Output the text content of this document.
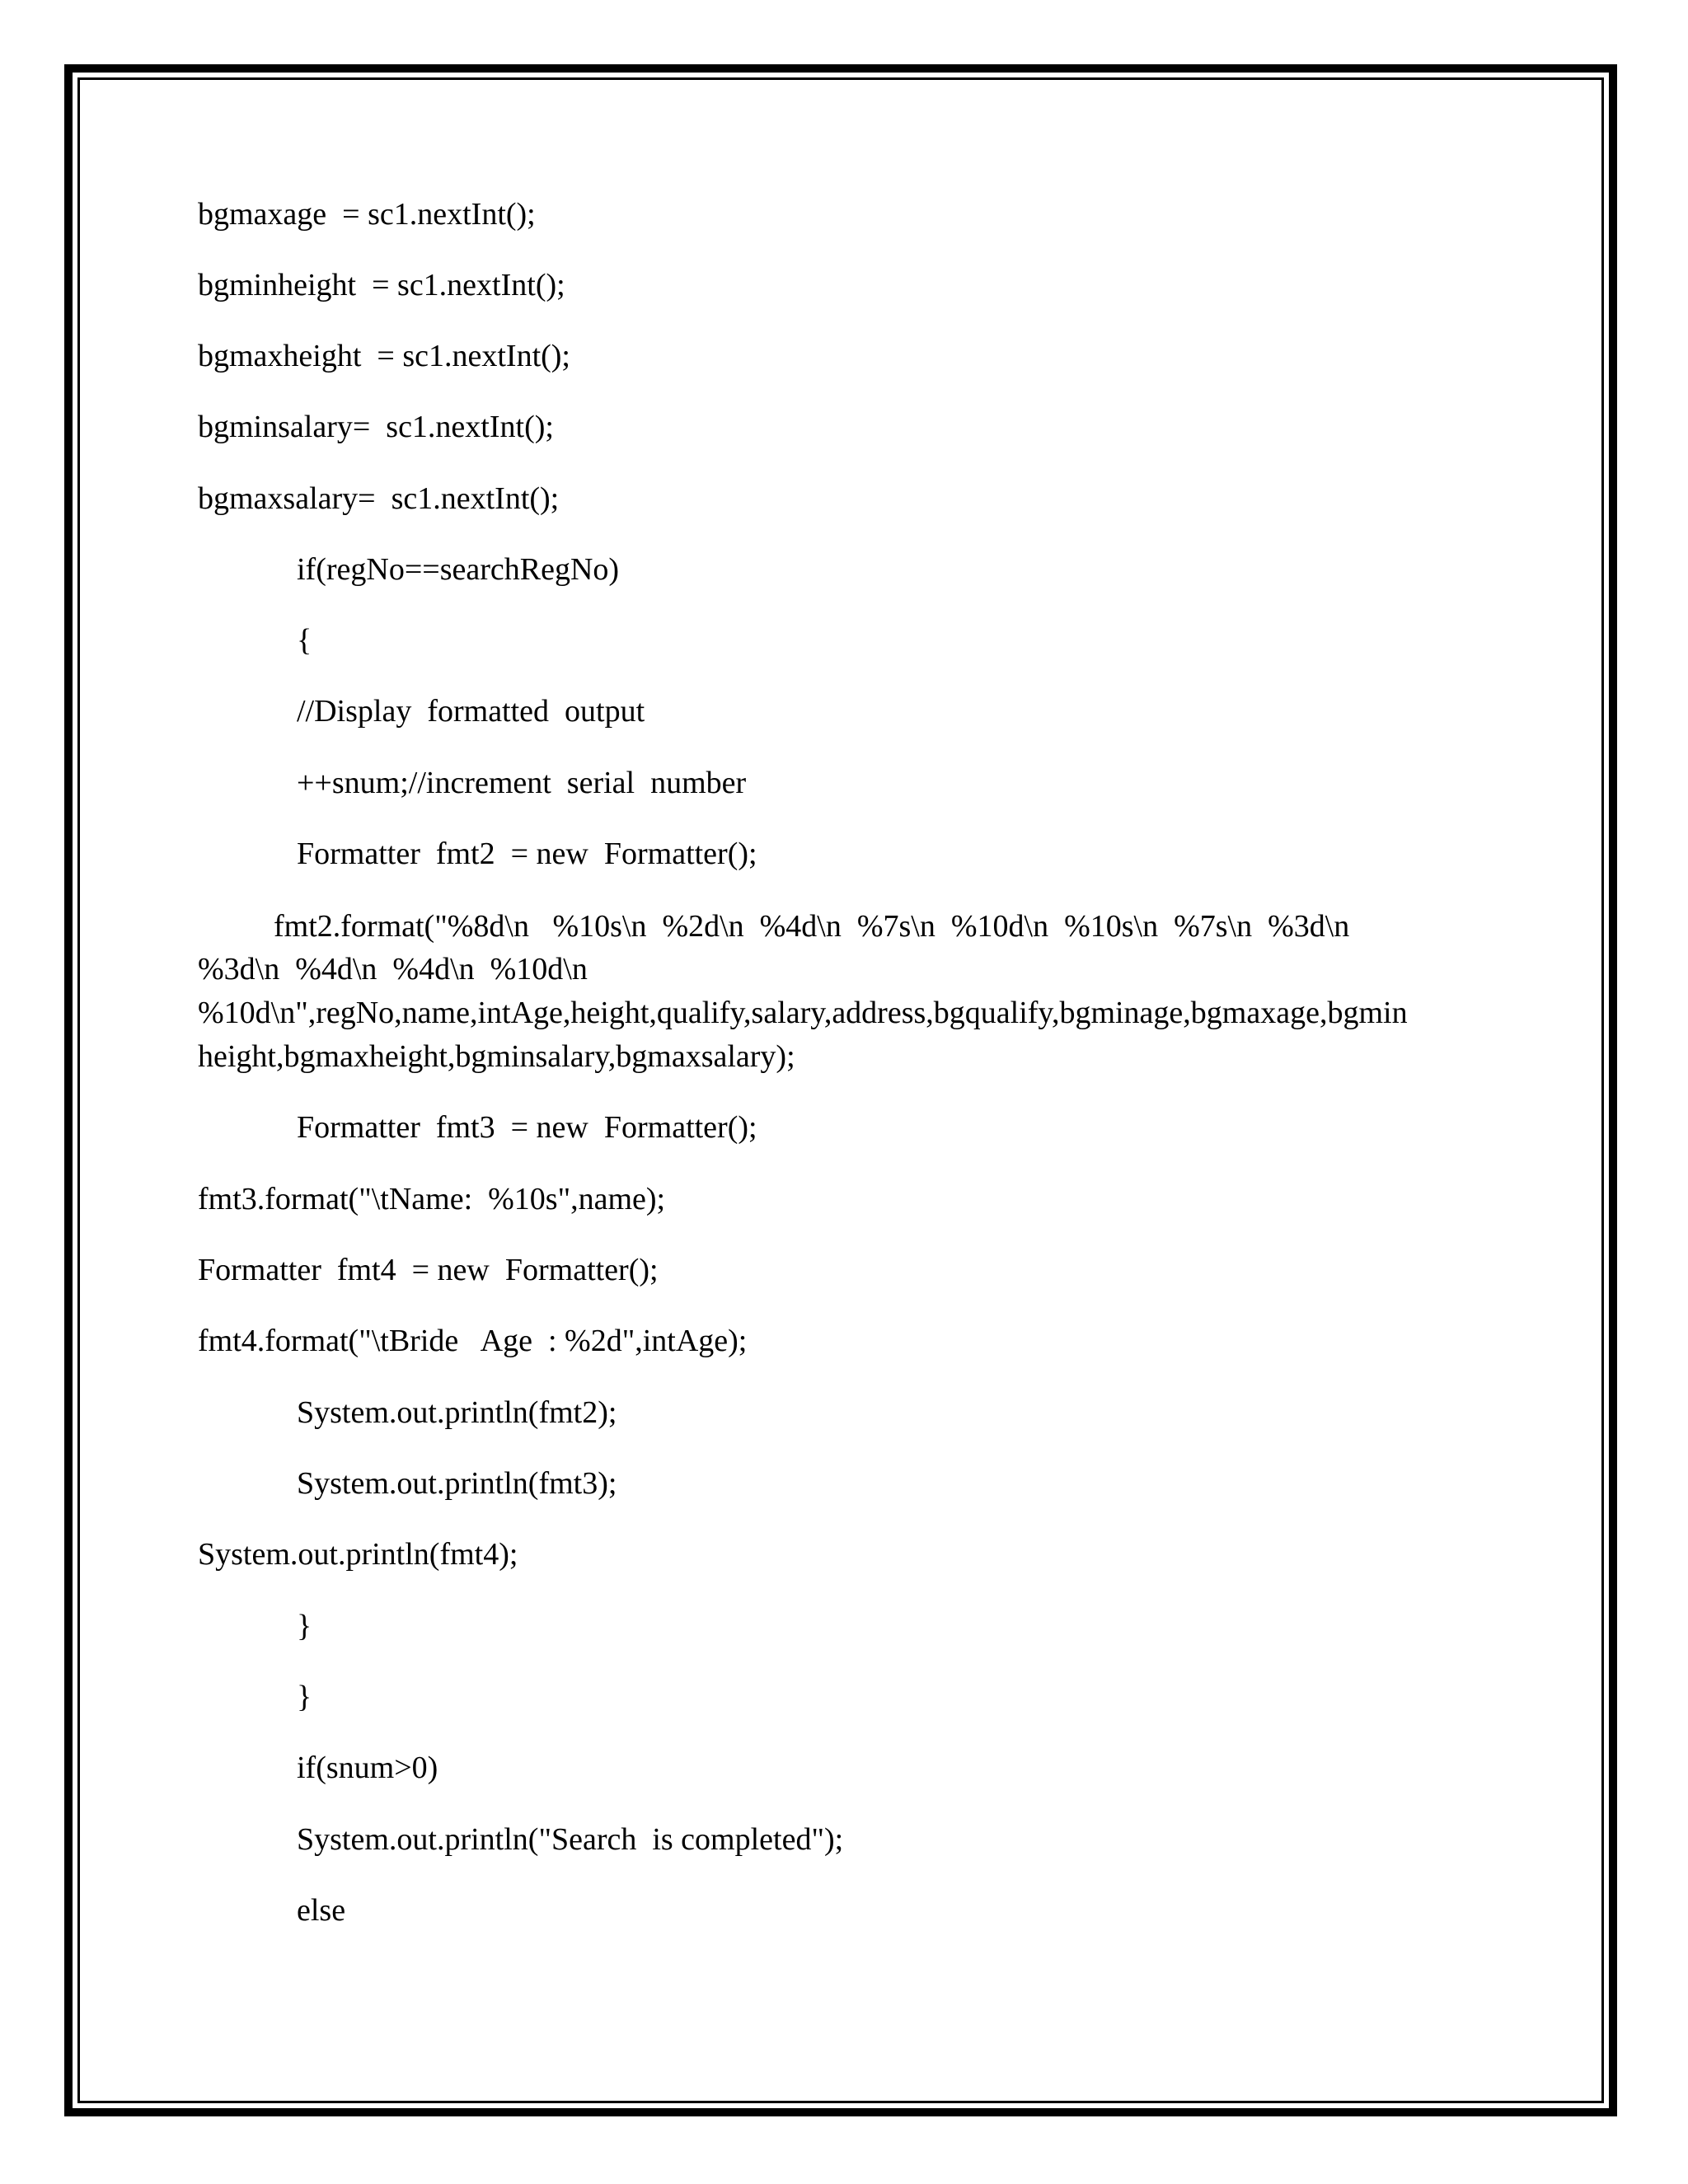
bgmaxage  = sc1.nextInt();

bgminheight  = sc1.nextInt();

bgmaxheight  = sc1.nextInt();

bgminsalary=  sc1.nextInt();

bgmaxsalary=  sc1.nextInt();

if(regNo==searchRegNo)

{

//Display  formatted  output

++snum;//increment  serial  number

Formatter  fmt2  = new  Formatter();

fmt2.format("%8d\n   %10s\n  %2d\n  %4d\n  %7s\n  %10d\n  %10s\n  %7s\n  %3d\n

%3d\n  %4d\n  %4d\n  %10d\n

%10d\n",regNo,name,intAge,height,qualify,salary,address,bgqualify,bgminage,bgmaxage,bgmin

height,bgmaxheight,bgminsalary,bgmaxsalary);

Formatter  fmt3  = new  Formatter();

fmt3.format("\tName:  %10s",name);

Formatter  fmt4  = new  Formatter();

fmt4.format("\tBride   Age  : %2d",intAge);

System.out.println(fmt2);

System.out.println(fmt3);

System.out.println(fmt4);

}

}

if(snum>0)

System.out.println("Search  is completed");

else
